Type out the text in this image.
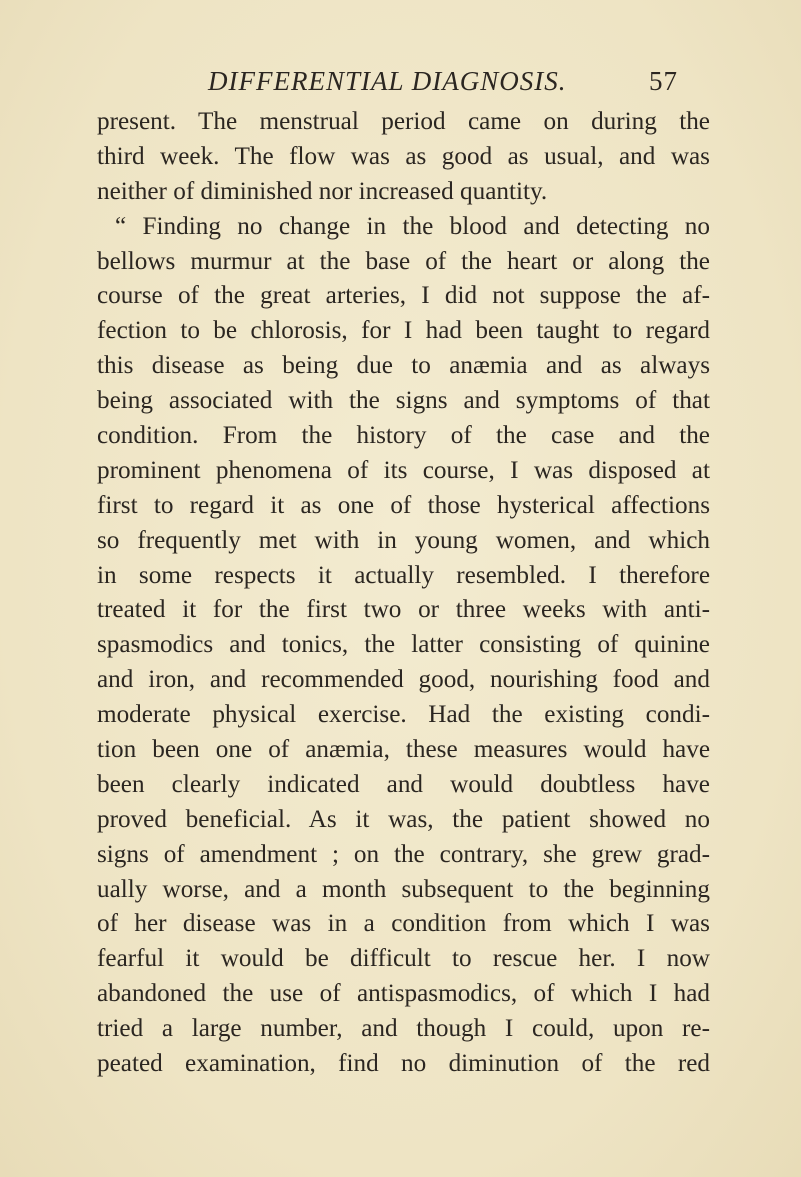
DIFFERENTIAL DIAGNOSIS.	57
present. The menstrual period came on during the
third week. The flow was as good as usual, and was
neither of diminished nor increased quantity.
“ Finding no change in the blood and detecting no
bellows murmur at the base of the heart or along the
course of the great arteries, I did not suppose the af-
fection to be chlorosis, for I had been taught to regard
this disease as being due to anæmia and as always
being associated with the signs and symptoms of that
condition. From the history of the case and the
prominent phenomena of its course, I was disposed at
first to regard it as one of those hysterical affections
so frequently met with in young women, and which
in some respects it actually resembled. I therefore
treated it for the first two or three weeks with anti-
spasmodics and tonics, the latter consisting of quinine
and iron, and recommended good, nourishing food and
moderate physical exercise. Had the existing condi-
tion been one of anæmia, these measures would have
been clearly indicated and would doubtless have
proved beneficial. As it was, the patient showed no
signs of amendment ; on the contrary, she grew grad-
ually worse, and a month subsequent to the beginning
of her disease was in a condition from which I was
fearful it would be difficult to rescue her. I now
abandoned the use of antispasmodics, of which I had
tried a large number, and though I could, upon re-
peated examination, find no diminution of the red
